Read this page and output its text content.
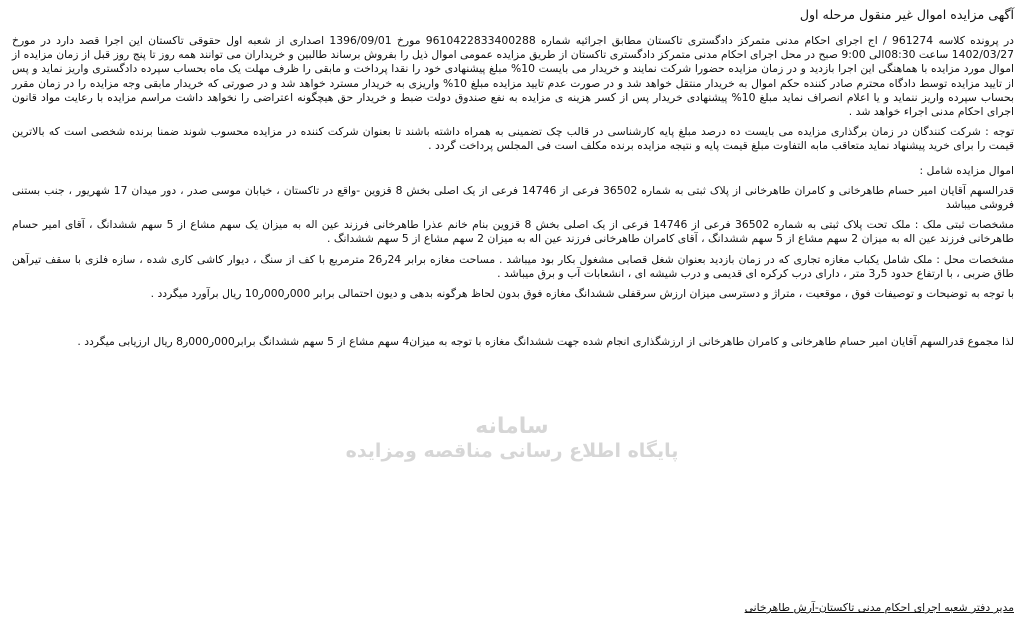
آگهی مزایده اموال غیر منقول مرحله اول

در پرونده کلاسه 961274 / اج اجرای احکام مدنی متمرکز دادگستری تاکستان مطابق اجرائیه شماره 9610422833400288 مورخ 1396/09/01 اصداری از شعبه اول حقوقی تاکستان این اجرا قصد دارد در مورخ 1402/03/27 ساعت 08:30الی 9:00 صبح در محل اجرای احکام مدنی متمرکز دادگستری تاکستان از طریق مزایده عمومی اموال ذیل را بفروش برساند طالبین و خریداران می توانند همه روز تا پنج روز قبل از زمان مزایده از اموال مورد مزایده با هماهنگی این اجرا بازدید و در زمان مزایده حضورا شرکت نمایند و خریدار می بایست 10% مبلغ پیشنهادی خود را نقدا پرداخت و مابقی را ظرف مهلت یک ماه بحساب سپرده دادگستری واریز نماید و پس از تایید مزایده توسط دادگاه محترم صادر کننده حکم اموال به خریدار منتقل خواهد شد و در صورت عدم تایید مزایده مبلغ 10% واریزی به خریدار مسترد خواهد شد و در صورتی که خریدار مابقی وجه مزایده را در زمان مقرر بحساب سپرده واریز ننماید و یا اعلام انصراف نماید مبلغ 10% پیشنهادی خریدار پس از کسر هزینه ی مزایده به نفع صندوق دولت ضبط و خریدار حق هیچگونه اعتراضی را نخواهد داشت مراسم مزایده با رعایت مواد قانون اجرای احکام مدنی اجراء خواهد شد .

توجه : شرکت کنندگان در زمان برگذاری مزایده می بایست ده درصد مبلغ پایه کارشناسی در قالب چک تضمینی به همراه داشته باشند تا بعنوان شرکت کننده در مزایده محسوب شوند ضمنا برنده شخصی است که بالاترین قیمت را برای خرید پیشنهاد نماید متعاقب مابه التفاوت مبلغ قیمت پایه و نتیجه مزایده برنده مکلف است فی المجلس پرداخت گردد .

اموال مزایده شامل :

قدرالسهم آقایان امیر حسام طاهرخانی و کامران طاهرخانی از پلاک ثبتی به شماره 36502 فرعی از 14746 فرعی از یک اصلی بخش 8 قزوین -واقع در تاکستان ، خیابان موسی صدر ، دور میدان 17 شهریور ، جنب بستنی فروشی میباشد

مشخصات ثبتی ملک : ملک تحت پلاک ثبتی به شماره 36502 فرعی از 14746 فرعی از یک اصلی بخش 8 قزوین بنام خانم عذرا طاهرخانی فرزند عین اله به میزان یک سهم مشاع از 5 سهم ششدانگ ، آقای امیر حسام طاهرخانی فرزند عین اله به میزان 2 سهم مشاع از 5 سهم ششدانگ ، آقای کامران طاهرخانی فرزند عین اله به میزان 2 سهم مشاع از 5 سهم ششدانگ .

مشخصات محل : ملک شامل یکباب مغازه تجاری که در زمان بازدید بعنوان شغل قصابی مشغول بکار بود میباشد . مساحت مغازه برابر 24ر26 مترمربع با کف از سنگ ، دیوار کاشی کاری شده ، سازه فلزی با سقف تیرآهن طاق ضربی ، با ارتفاع حدود 5ر3 متر ، دارای درب کرکره ای قدیمی و درب شیشه ای ، انشعابات آب و برق میباشد .

با توجه به توضیحات و توصیفات فوق ، موقعیت ، متراژ و دسترسی میزان ارزش سرقفلی ششدانگ مغازه فوق بدون لحاظ هرگونه بدهی و دیون احتمالی برابر 000ر000ر10 ریال برآورد میگردد .

لذا مجموع قدرالسهم آقایان امیر حسام طاهرخانی و کامران طاهرخانی از ارزشگذاری انجام شده جهت ششدانگ مغازه با توجه به میزان4 سهم مشاع از 5 سهم ششدانگ برابر000ر000ر8 ریال ارزیابی میگردد .

سامانه
پایگاه اطلاع رسانی مناقصه ومزایده
مدیر دفتر شعبه اجرای احکام مدنی تاکستان-آرش طاهرخانی
